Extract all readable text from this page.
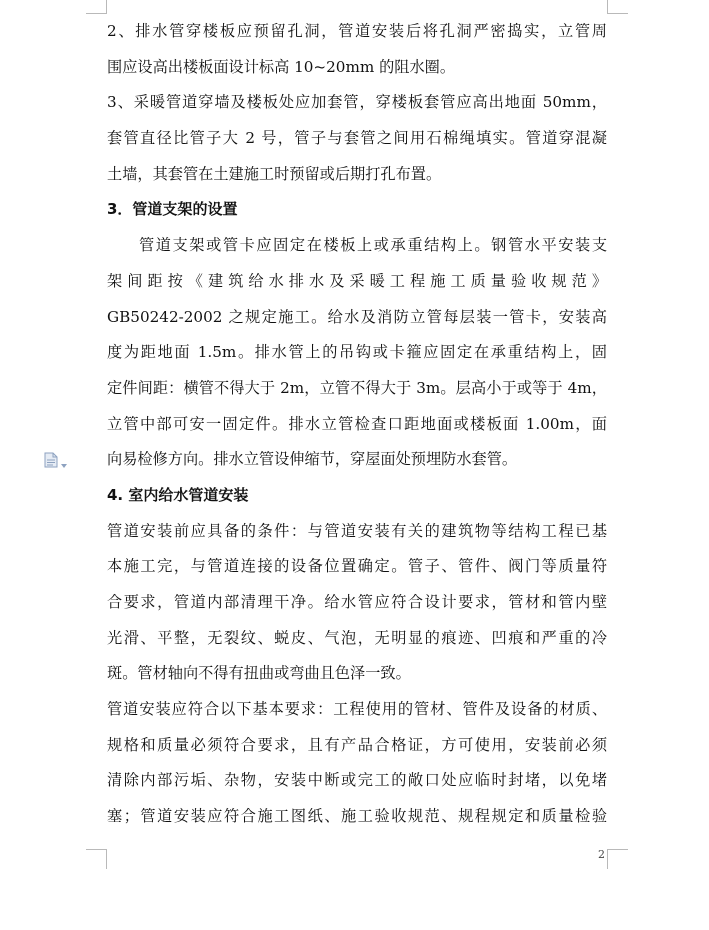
2、排水管穿楼板应预留孔洞，管道安装后将孔洞严密捣实，立管周
围应设高出楼板面设计标高 10~20mm 的阻水圈。
3、采暖管道穿墙及楼板处应加套管，穿楼板套管应高出地面 50mm，
套管直径比管子大 2 号，管子与套管之间用石棉绳填实。管道穿混凝
土墙，其套管在土建施工时预留或后期打孔布置。
3．管道支架的设置
管道支架或管卡应固定在楼板上或承重结构上。钢管水平安装支
架间距按《建筑给水排水及采暖工程施工质量验收规范》
GB50242-2002 之规定施工。给水及消防立管每层装一管卡，安装高
度为距地面 1.5m。排水管上的吊钩或卡箍应固定在承重结构上，固
定件间距：横管不得大于 2m，立管不得大于 3m。层高小于或等于 4m，
立管中部可安一固定件。排水立管检查口距地面或楼板面 1.00m，面
向易检修方向。排水立管设伸缩节，穿屋面处预埋防水套管。
4. 室内给水管道安装
管道安装前应具备的条件：与管道安装有关的建筑物等结构工程已基
本施工完，与管道连接的设备位置确定。管子、管件、阀门等质量符
合要求，管道内部清理干净。给水管应符合设计要求，管材和管内壁
光滑、平整，无裂纹、蜕皮、气泡，无明显的痕迹、凹痕和严重的冷
斑。管材轴向不得有扭曲或弯曲且色泽一致。
管道安装应符合以下基本要求：工程使用的管材、管件及设备的材质、
规格和质量必须符合要求，且有产品合格证，方可使用，安装前必须
清除内部污垢、杂物，安装中断或完工的敞口处应临时封堵，以免堵
塞；管道安装应符合施工图纸、施工验收规范、规程规定和质量检验
2
